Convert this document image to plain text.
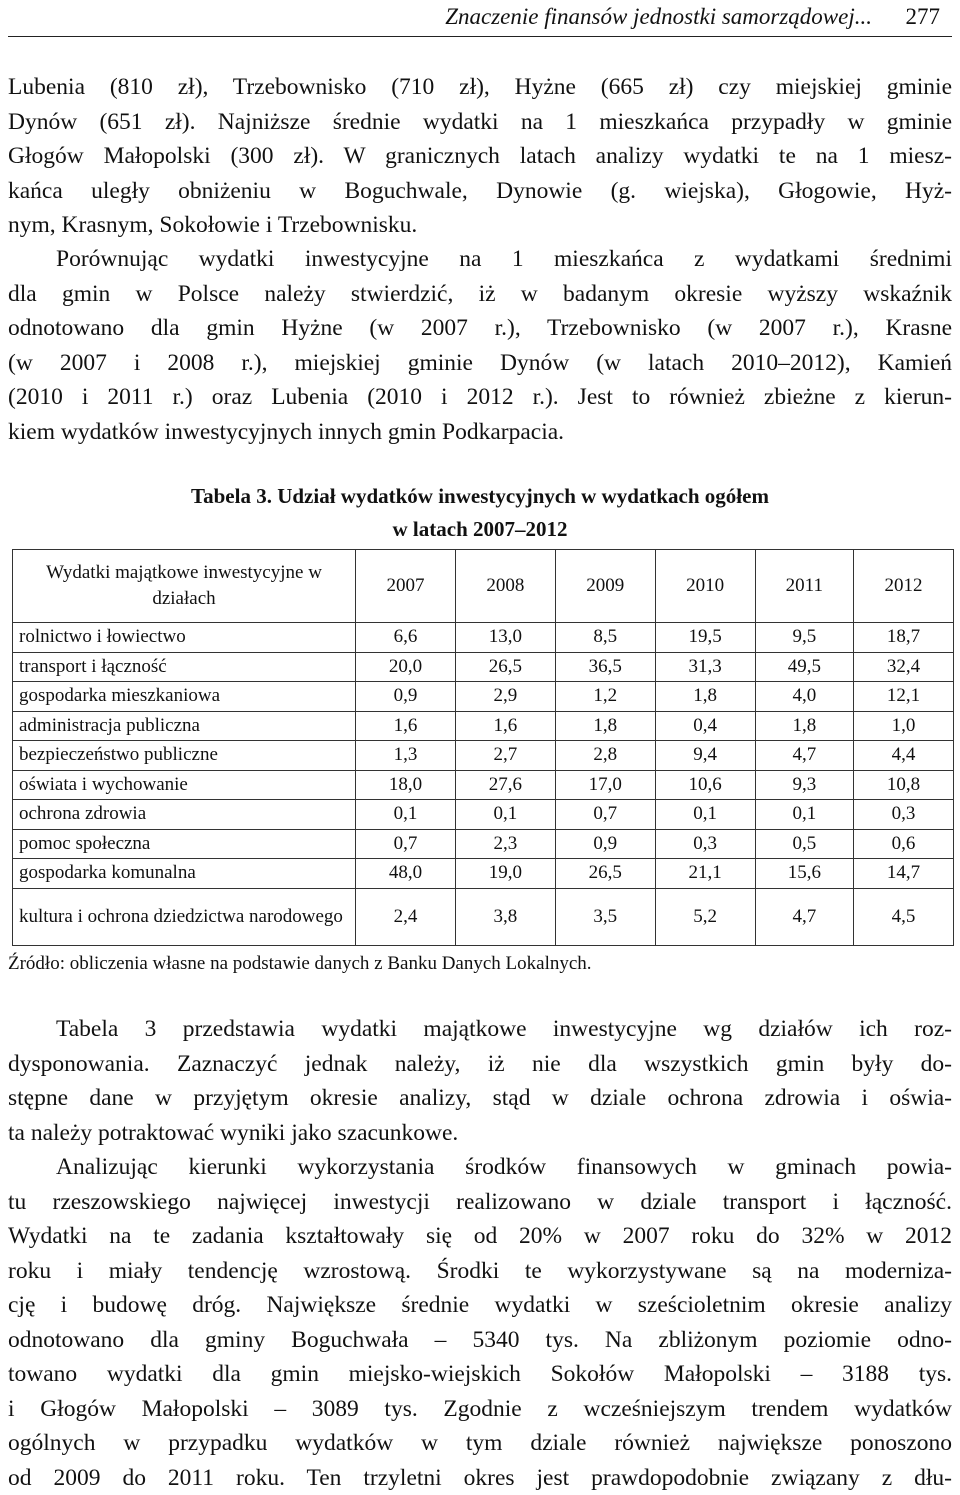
Znaczenie finansów jednostki samorządowej... 277

Lubenia (810 zł), Trzebownisko (710 zł), Hyżne (665 zł) czy miejskiej gminie
Dynów (651 zł). Najniższe średnie wydatki na 1 mieszkańca przypadły w gminie
Głogów Małopolski (300 zł). W granicznych latach analizy wydatki te na 1 miesz-
kańca uległy obniżeniu w Boguchwale, Dynowie (g. wiejska), Głogowie, Hyż-
nym, Krasnym, Sokołowie i Trzebownisku.

Porównując wydatki inwestycyjne na 1 mieszkańca z wydatkami średnimi
dla gmin w Polsce należy stwierdzić, iż w badanym okresie wyższy wskaźnik
odnotowano dla gmin Hyżne (w 2007 r.), Trzebownisko (w 2007 r.), Krasne
(w 2007 i 2008 r.), miejskiej gminie Dynów (w latach 2010–2012), Kamień
(2010 i 2011 r.) oraz Lubenia (2010 i 2012 r.). Jest to również zbieżne z kierun-
kiem wydatków inwestycyjnych innych gmin Podkarpacia.

Tabela 3. Udział wydatków inwestycyjnych w wydatkach ogółem
w latach 2007–2012
Wydatki majątkowe inwestycyjne w działach	2007	2008	2009	2010	2011	2012
rolnictwo i łowiectwo	6,6	13,0	8,5	19,5	9,5	18,7
transport i łączność	20,0	26,5	36,5	31,3	49,5	32,4
gospodarka mieszkaniowa	0,9	2,9	1,2	1,8	4,0	12,1
administracja publiczna	1,6	1,6	1,8	0,4	1,8	1,0
bezpieczeństwo publiczne	1,3	2,7	2,8	9,4	4,7	4,4
oświata i wychowanie	18,0	27,6	17,0	10,6	9,3	10,8
ochrona zdrowia	0,1	0,1	0,7	0,1	0,1	0,3
pomoc społeczna	0,7	2,3	0,9	0,3	0,5	0,6
gospodarka komunalna	48,0	19,0	26,5	21,1	15,6	14,7
kultura i ochrona dziedzictwa narodowego	2,4	3,8	3,5	5,2	4,7	4,5
Źródło: obliczenia własne na podstawie danych z Banku Danych Lokalnych.

Tabela 3 przedstawia wydatki majątkowe inwestycyjne wg działów ich roz-
dysponowania. Zaznaczyć jednak należy, iż nie dla wszystkich gmin były do-
stępne dane w przyjętym okresie analizy, stąd w dziale ochrona zdrowia i oświa-
ta należy potraktować wyniki jako szacunkowe.

Analizując kierunki wykorzystania środków finansowych w gminach powia-
tu rzeszowskiego najwięcej inwestycji realizowano w dziale transport i łączność.
Wydatki na te zadania kształtowały się od 20% w 2007 roku do 32% w 2012
roku i miały tendencję wzrostową. Środki te wykorzystywane są na moderniza-
cję i budowę dróg. Największe średnie wydatki w sześcioletnim okresie analizy
odnotowano dla gminy Boguchwała – 5340 tys. Na zbliżonym poziomie odno-
towano wydatki dla gmin miejsko-wiejskich Sokołów Małopolski – 3188 tys.
i Głogów Małopolski – 3089 tys. Zgodnie z wcześniejszym trendem wydatków
ogólnych w przypadku wydatków w tym dziale również największe ponoszono
od 2009 do 2011 roku. Ten trzyletni okres jest prawdopodobnie związany z dłu-
